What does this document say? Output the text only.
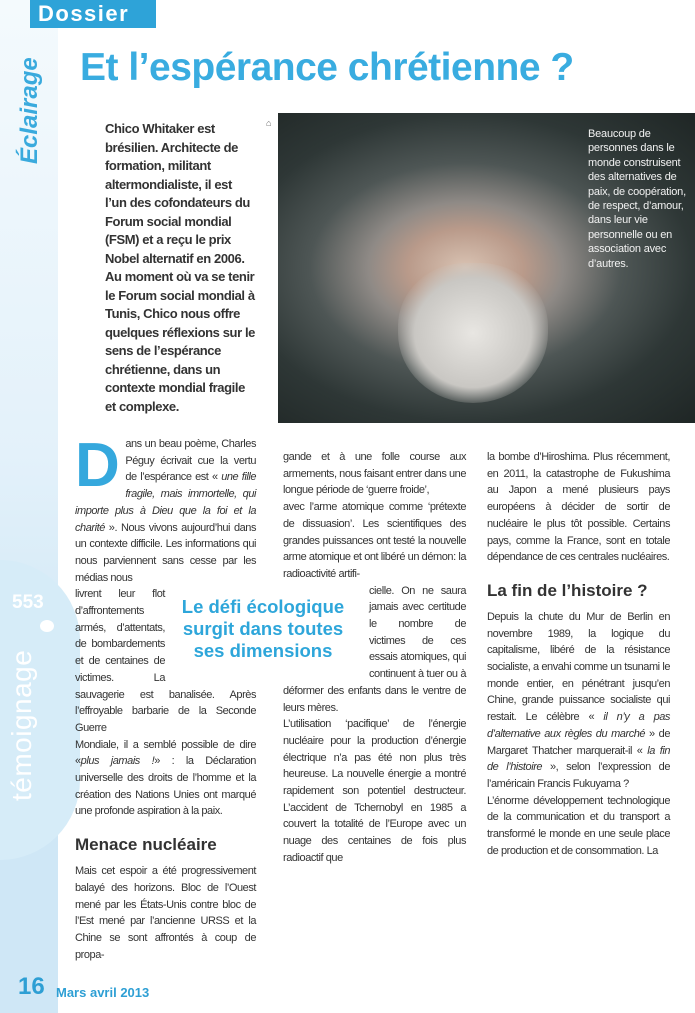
Dossier
Éclairage
553
témoignage
Et l’espérance chrétienne ?
⌂
Beaucoup de personnes dans le monde construisent des alternatives de paix, de coopération, de respect, d’amour, dans leur vie personnelle ou en association avec d’autres.
Chico Whitaker est brésilien. Architecte de formation, militant altermondialiste, il est l’un des cofondateurs du Forum social mondial (FSM) et a reçu le prix Nobel alternatif en 2006. Au moment où va se tenir le Forum social mondial à Tunis, Chico nous offre quelques réflexions sur le sens de l’espérance chrétienne, dans un contexte mondial fragile et complexe.

Dans un beau poème, Charles Péguy écrivait cue la vertu de l’espérance est « une fille fragile, mais immortelle, qui importe plus à Dieu que la foi et la charité ». Nous vivons aujourd’hui dans un contexte difficile. Les informations qui nous parviennent sans cesse par les médias nous

Le défi écologique surgit dans toutes ses dimensions

livrent leur flot d’affrontements armés, d’attentats, de bombardements et de centaines de victimes. La sauvagerie est banalisée. Après l’effroyable barbarie de la Seconde Guerre

Mondiale, il a semblé possible de dire «plus jamais !» : la Déclaration universelle des droits de l’homme et la création des Nations Unies ont marqué une profonde aspiration à la paix.

Menace nucléaire

Mais cet espoir a été progressivement balayé des horizons. Bloc de l’Ouest mené par les États-Unis contre bloc de l’Est mené par l’ancienne URSS et la Chine se sont affrontés à coup de propa-

gande et à une folle course aux armements, nous faisant entrer dans une longue période de ‘guerre froide’,

avec l’arme atomique comme ‘prétexte de dissuasion’. Les scientifiques des grandes puissances ont testé la nouvelle arme atomique et ont libéré un démon: la radioactivité artifi-

cielle. On ne saura jamais avec certitude le nombre de victimes de ces essais atomiques, qui continuent à tuer ou à déformer des enfants dans le ventre de leurs mères.

L’utilisation ‘pacifique’ de l’énergie nucléaire pour la production d’énergie électrique n’a pas été non plus très heureuse. La nouvelle énergie a montré rapidement son potentiel destructeur. L’accident de Tchernobyl en 1985 a couvert la totalité de l’Europe avec un nuage des centaines de fois plus radioactif que

la bombe d’Hiroshima. Plus récemment, en 2011, la catastrophe de Fukushima au Japon a mené plusieurs pays européens à décider de sortir de nucléaire le plus tôt possible. Certains pays, comme la France, sont en totale dépendance de ces centrales nucléaires.

La fin de l’histoire ?

Depuis la chute du Mur de Berlin en novembre 1989, la logique du capitalisme, libéré de la résistance socialiste, a envahi comme un tsunami le monde entier, en pénétrant jusqu’en Chine, grande puissance socialiste qui restait. Le célèbre « il n’y a pas d’altemative aux règles du marché » de Margaret Thatcher marquerait-il « la fin de l’histoire », selon l’expression de l’américain Francis Fukuyama ?

L’énorme développement technologique de la communication et du transport a transformé le monde en une seule place de production et de consommation. La

16 Mars avril 2013
